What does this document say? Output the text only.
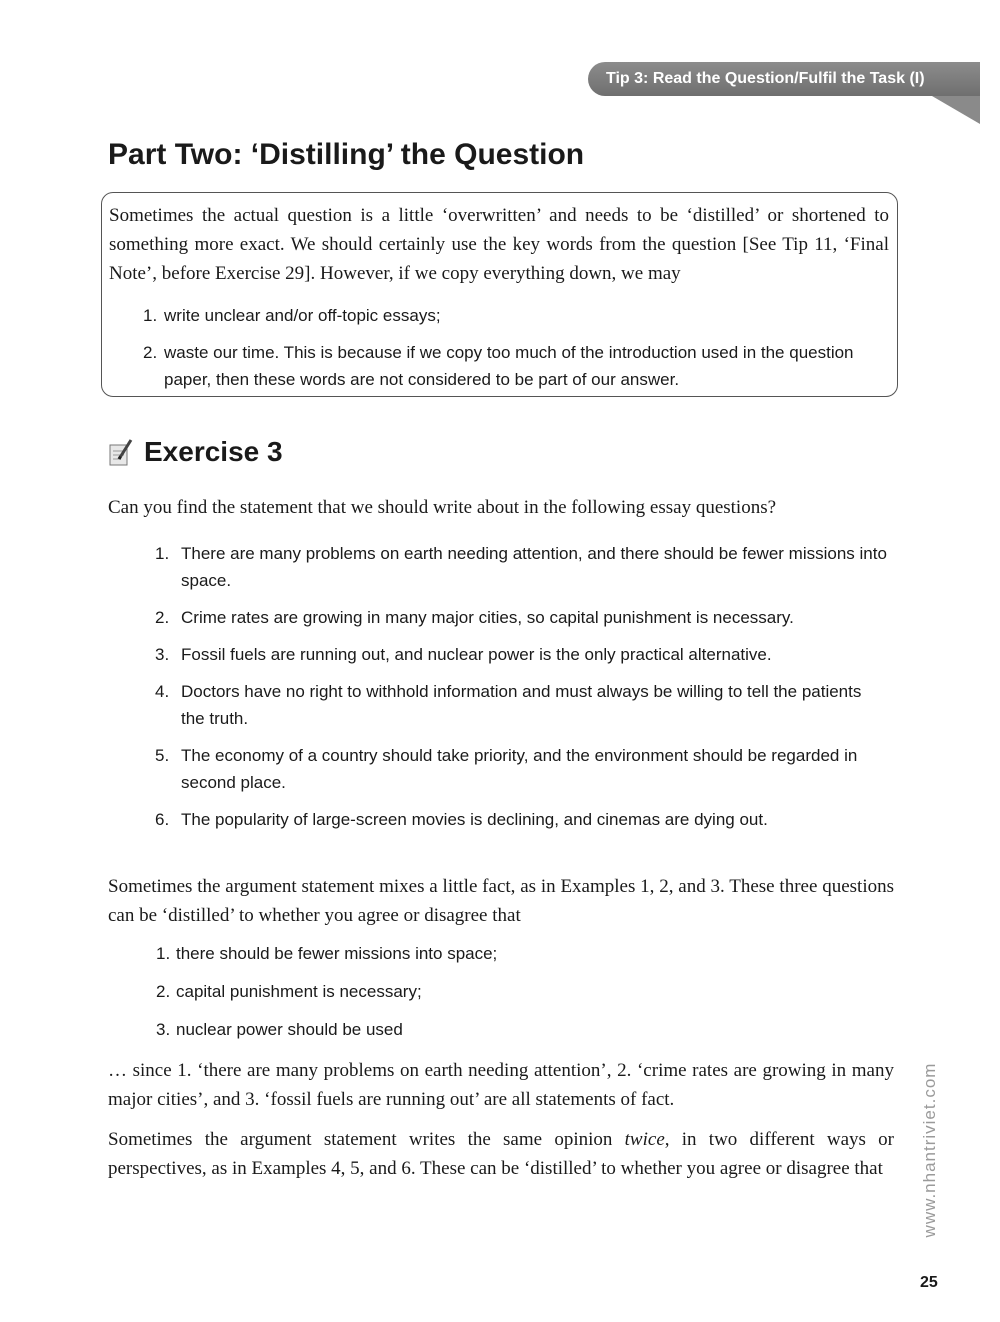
Tip 3: Read the Question/Fulfil the Task (I)
Part Two: ‘Distilling’ the Question

Sometimes the actual question is a little ‘overwritten’ and needs to be ‘distilled’ or shortened to something more exact. We should certainly use the key words from the question [See Tip 11, ‘Final Note’, before Exercise 29]. However, if we copy everything down, we may

1. write unclear and/or off-topic essays;
2. waste our time. This is because if we copy too much of the introduction used in the question paper, then these words are not considered to be part of our answer.
Exercise 3

Can you find the statement that we should write about in the following essay questions?

1. There are many problems on earth needing attention, and there should be fewer missions into space.
2. Crime rates are growing in many major cities, so capital punishment is necessary.
3. Fossil fuels are running out, and nuclear power is the only practical alternative.
4. Doctors have no right to withhold information and must always be willing to tell the patients the truth.
5. The economy of a country should take priority, and the environment should be regarded in second place.
6. The popularity of large-screen movies is declining, and cinemas are dying out.

Sometimes the argument statement mixes a little fact, as in Examples 1, 2, and 3. These three questions can be ‘distilled’ to whether you agree or disagree that

1. there should be fewer missions into space;
2. capital punishment is necessary;
3. nuclear power should be used

… since 1. ‘there are many problems on earth needing attention’, 2. ‘crime rates are growing in many major cities’, and 3. ‘fossil fuels are running out’ are all statements of fact.

Sometimes the argument statement writes the same opinion twice, in two different ways or perspectives, as in Examples 4, 5, and 6. These can be ‘distilled’ to whether you agree or disagree that	www.nhantriviet.com
25
